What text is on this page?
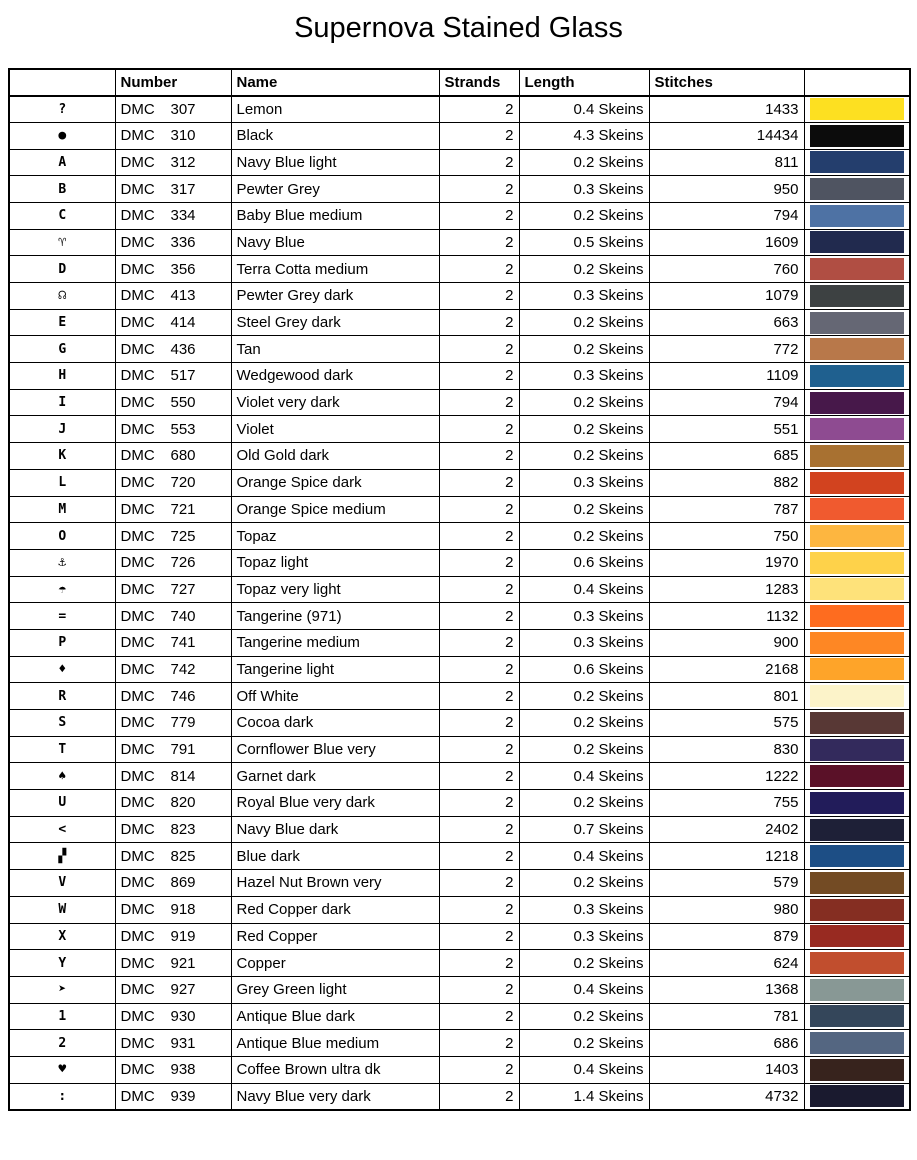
Supernova Stained Glass
	Number	Name	Strands	Length	Stitches	
?	DMC 307	Lemon	2	0.4 Skeins	1433	

●	DMC 310	Black	2	4.3 Skeins	14434	

A	DMC 312	Navy Blue light	2	0.2 Skeins	811	

B	DMC 317	Pewter Grey	2	0.3 Skeins	950	

C	DMC 334	Baby Blue medium	2	0.2 Skeins	794	

♈	DMC 336	Navy Blue	2	0.5 Skeins	1609	

D	DMC 356	Terra Cotta medium	2	0.2 Skeins	760	

☊	DMC 413	Pewter Grey dark	2	0.3 Skeins	1079	

E	DMC 414	Steel Grey dark	2	0.2 Skeins	663	

G	DMC 436	Tan	2	0.2 Skeins	772	

H	DMC 517	Wedgewood dark	2	0.3 Skeins	1109	

I	DMC 550	Violet very dark	2	0.2 Skeins	794	

J	DMC 553	Violet	2	0.2 Skeins	551	

K	DMC 680	Old Gold dark	2	0.2 Skeins	685	

L	DMC 720	Orange Spice dark	2	0.3 Skeins	882	

M	DMC 721	Orange Spice medium	2	0.2 Skeins	787	

O	DMC 725	Topaz	2	0.2 Skeins	750	

⚓	DMC 726	Topaz light	2	0.6 Skeins	1970	

☂	DMC 727	Topaz very light	2	0.4 Skeins	1283	

=	DMC 740	Tangerine (971)	2	0.3 Skeins	1132	

P	DMC 741	Tangerine medium	2	0.3 Skeins	900	

♦	DMC 742	Tangerine light	2	0.6 Skeins	2168	

R	DMC 746	Off White	2	0.2 Skeins	801	

S	DMC 779	Cocoa dark	2	0.2 Skeins	575	

T	DMC 791	Cornflower Blue very	2	0.2 Skeins	830	

♠	DMC 814	Garnet dark	2	0.4 Skeins	1222	

U	DMC 820	Royal Blue very dark	2	0.2 Skeins	755	

<	DMC 823	Navy Blue dark	2	0.7 Skeins	2402	

▞	DMC 825	Blue dark	2	0.4 Skeins	1218	

V	DMC 869	Hazel Nut Brown very	2	0.2 Skeins	579	

W	DMC 918	Red Copper dark	2	0.3 Skeins	980	

X	DMC 919	Red Copper	2	0.3 Skeins	879	

Y	DMC 921	Copper	2	0.2 Skeins	624	

➤	DMC 927	Grey Green light	2	0.4 Skeins	1368	

1	DMC 930	Antique Blue dark	2	0.2 Skeins	781	

2	DMC 931	Antique Blue medium	2	0.2 Skeins	686	

♥	DMC 938	Coffee Brown ultra dk	2	0.4 Skeins	1403	

:	DMC 939	Navy Blue very dark	2	1.4 Skeins	4732	
